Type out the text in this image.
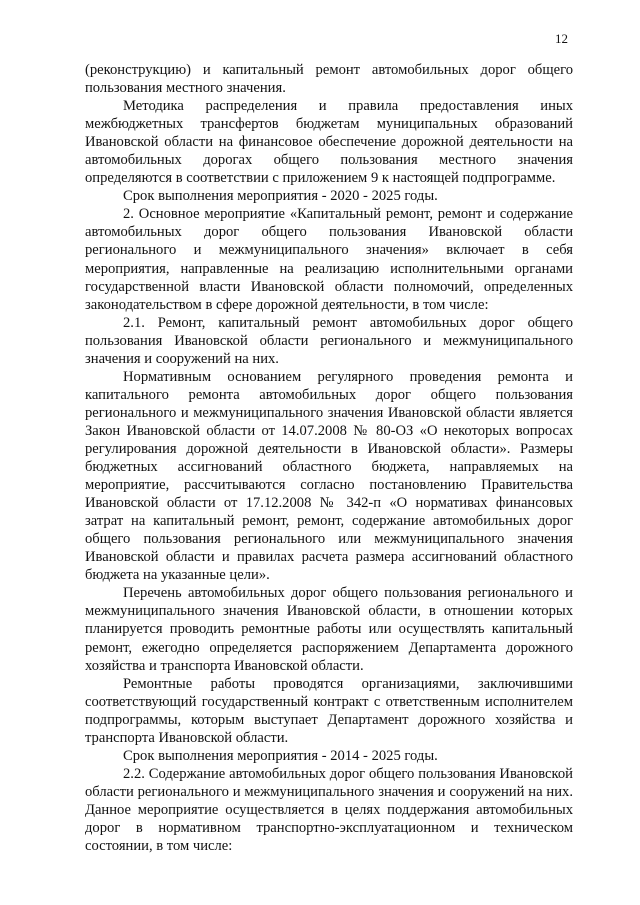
12

(реконструкцию) и капитальный ремонт автомобильных дорог общего пользования местного значения.

Методика распределения и правила предоставления иных межбюджетных трансфертов бюджетам муниципальных образований Ивановской области на финансовое обеспечение дорожной деятельности на автомобильных дорогах общего пользования местного значения определяются в соответствии с приложением 9 к настоящей подпрограмме.

Срок выполнения мероприятия - 2020 - 2025 годы.

2. Основное мероприятие «Капитальный ремонт, ремонт и содержание автомобильных дорог общего пользования Ивановской области регионального и межмуниципального значения» включает в себя мероприятия, направленные на реализацию исполнительными органами государственной власти Ивановской области полномочий, определенных законодательством в сфере дорожной деятельности, в том числе:

2.1. Ремонт, капитальный ремонт автомобильных дорог общего пользования Ивановской области регионального и межмуниципального значения и сооружений на них.

Нормативным основанием регулярного проведения ремонта и капитального ремонта автомобильных дорог общего пользования регионального и межмуниципального значения Ивановской области является Закон Ивановской области от 14.07.2008 № 80-ОЗ «О некоторых вопросах регулирования дорожной деятельности в Ивановской области». Размеры бюджетных ассигнований областного бюджета, направляемых на мероприятие, рассчитываются согласно постановлению Правительства Ивановской области от 17.12.2008 № 342-п «О нормативах финансовых затрат на капитальный ремонт, ремонт, содержание автомобильных дорог общего пользования регионального или межмуниципального значения Ивановской области и правилах расчета размера ассигнований областного бюджета на указанные цели».

Перечень автомобильных дорог общего пользования регионального и межмуниципального значения Ивановской области, в отношении которых планируется проводить ремонтные работы или осуществлять капитальный ремонт, ежегодно определяется распоряжением Департамента дорожного хозяйства и транспорта Ивановской области.

Ремонтные работы проводятся организациями, заключившими соответствующий государственный контракт с ответственным исполнителем подпрограммы, которым выступает Департамент дорожного хозяйства и транспорта Ивановской области.

Срок выполнения мероприятия - 2014 - 2025 годы.

2.2. Содержание автомобильных дорог общего пользования Ивановской области регионального и межмуниципального значения и сооружений на них. Данное мероприятие осуществляется в целях поддержания автомобильных дорог в нормативном транспортно-эксплуатационном и техническом состоянии, в том числе:
